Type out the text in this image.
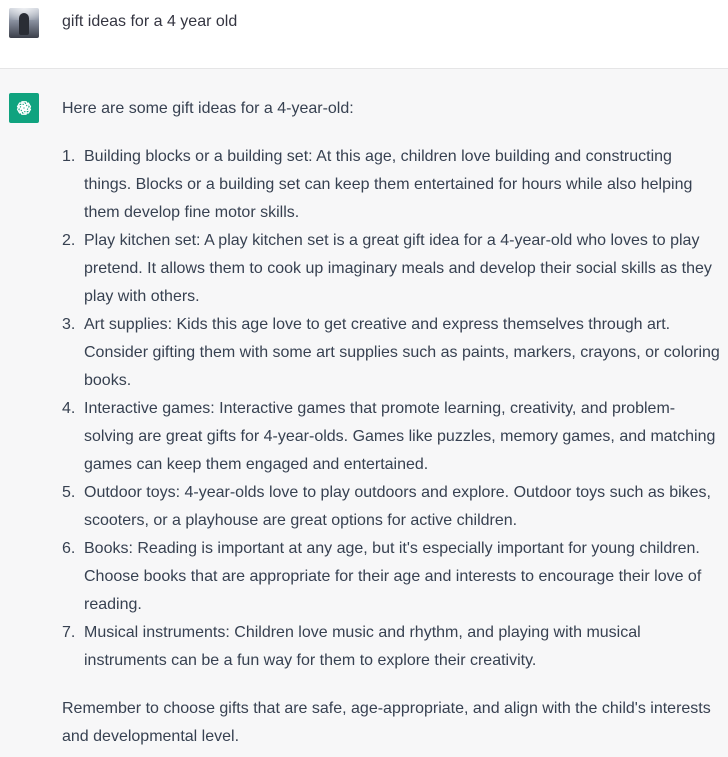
gift ideas for a 4 year old

Here are some gift ideas for a 4-year-old:

1. Building blocks or a building set: At this age, children love building and constructing things. Blocks or a building set can keep them entertained for hours while also helping them develop fine motor skills.
2. Play kitchen set: A play kitchen set is a great gift idea for a 4-year-old who loves to play pretend. It allows them to cook up imaginary meals and develop their social skills as they play with others.
3. Art supplies: Kids this age love to get creative and express themselves through art. Consider gifting them with some art supplies such as paints, markers, crayons, or coloring books.
4. Interactive games: Interactive games that promote learning, creativity, and problem-solving are great gifts for 4-year-olds. Games like puzzles, memory games, and matching games can keep them engaged and entertained.
5. Outdoor toys: 4-year-olds love to play outdoors and explore. Outdoor toys such as bikes, scooters, or a playhouse are great options for active children.
6. Books: Reading is important at any age, but it's especially important for young children. Choose books that are appropriate for their age and interests to encourage their love of reading.
7. Musical instruments: Children love music and rhythm, and playing with musical instruments can be a fun way for them to explore their creativity.

Remember to choose gifts that are safe, age-appropriate, and align with the child's interests and developmental level.
